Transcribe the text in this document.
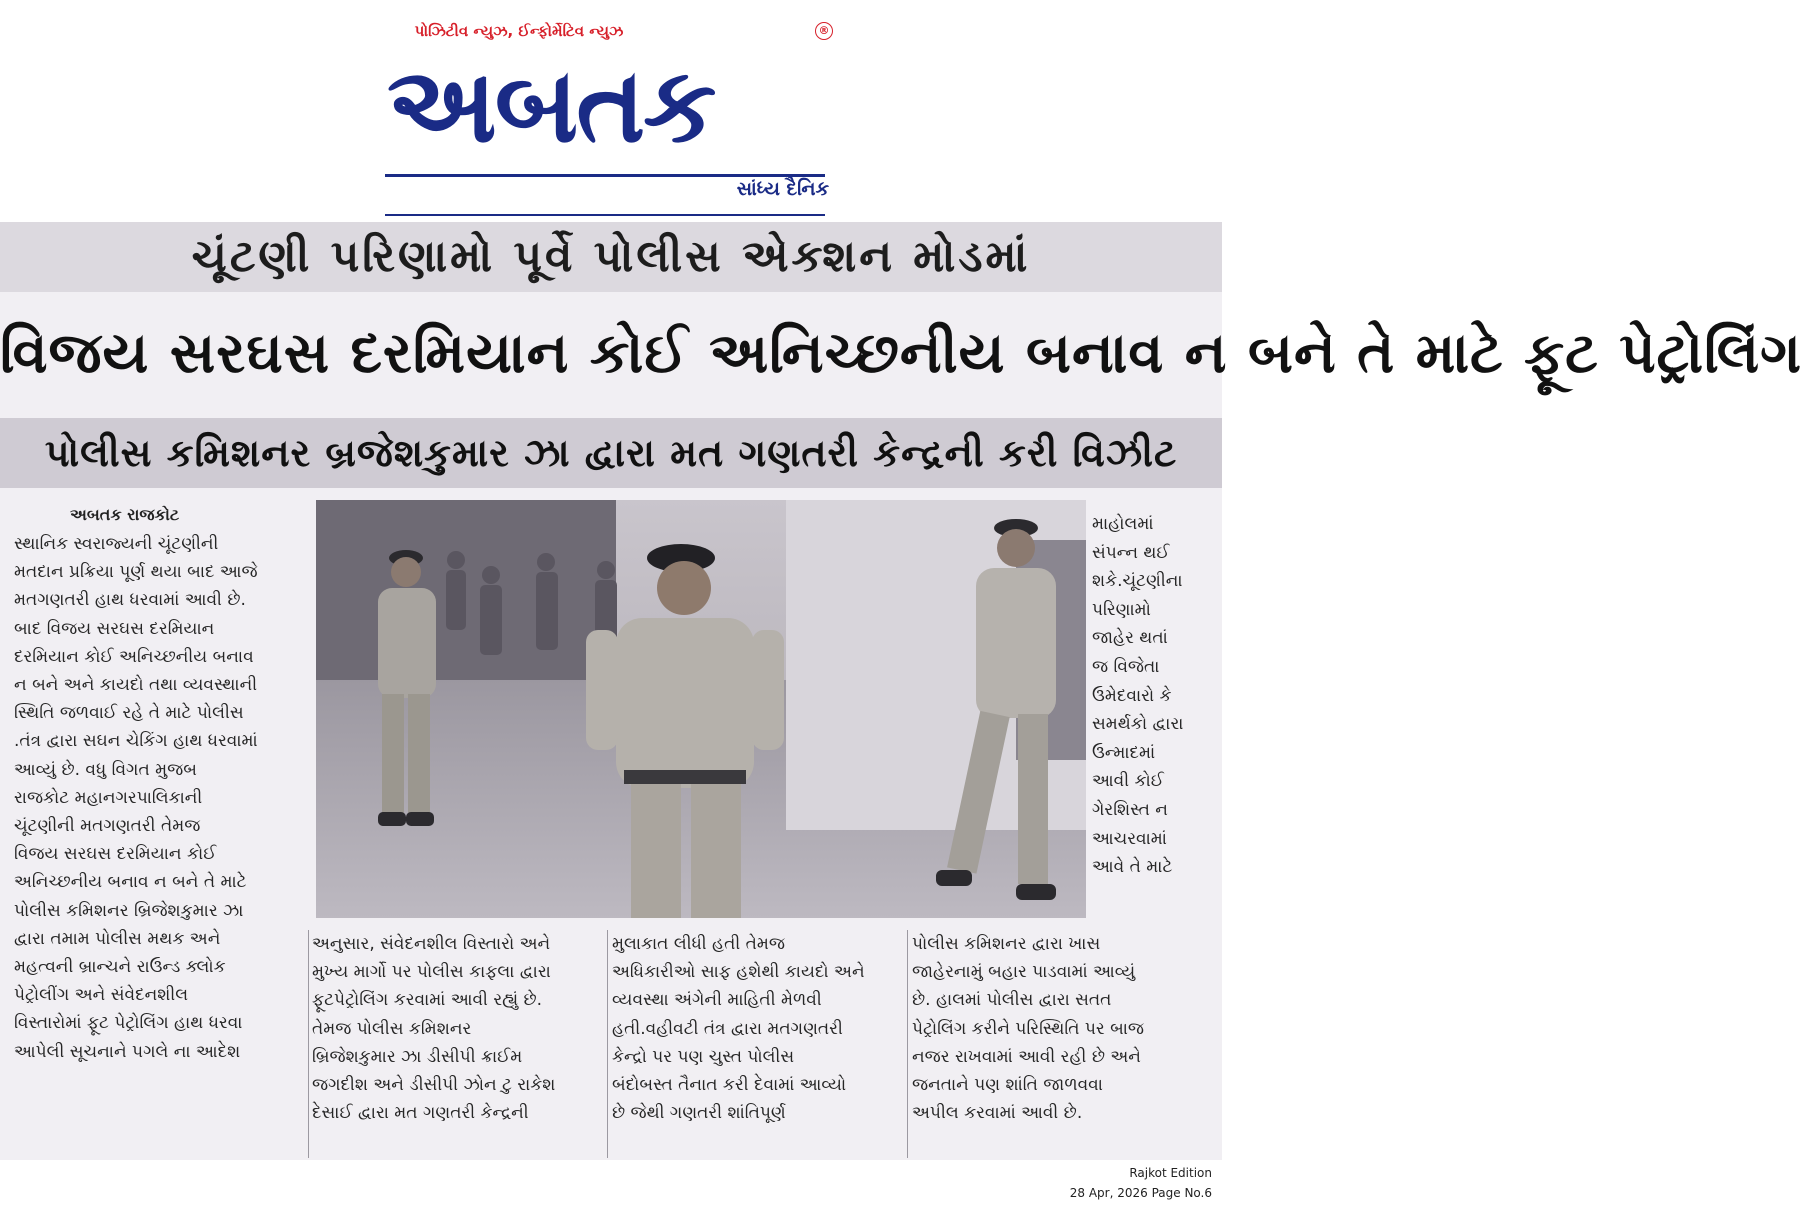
પોઝિટીવ ન્યુઝ, ઈન્ફોર્મેટિવ ન્યુઝ	®
અબતક
સાંધ્ય દૈનિક
ચૂંટણી પરિણામો પૂર્વે પોલીસ એક્શન મોડમાં
વિજય સરઘસ દરમિયાન કોઈ અનિચ્છનીય બનાવ ન બને તે માટે ફૂટ પેટ્રોલિંગ
પોલીસ કમિશનર બ્રજેશકુમાર ઝા દ્વારા મત ગણતરી કેન્દ્રની કરી વિઝીટ
અબતક રાજકોટ

સ્થાનિક સ્વરાજ્યની ચૂંટણીની

મતદાન પ્રક્રિયા પૂર્ણ થયા બાદ આજે

મતગણતરી હાથ ધરવામાં આવી છે.

બાદ વિજય સરઘસ દરમિયાન

દરમિયાન કોઈ અનિચ્છનીય બનાવ

ન બને અને કાયદો તથા વ્યવસ્થાની

સ્થિતિ જળવાઈ રહે તે માટે પોલીસ

.તંત્ર દ્વારા સઘન ચેકિંગ હાથ ધરવામાં

આવ્યું છે. વધુ વિગત મુજબ

રાજકોટ મહાનગરપાલિકાની

ચૂંટણીની મતગણતરી તેમજ

વિજય સરઘસ દરમિયાન કોઈ

અનિચ્છનીય બનાવ ન બને તે માટે

પોલીસ કમિશનર બ્રિજેશકુમાર ઝા

દ્વારા તમામ પોલીસ મથક અને

મહત્વની બ્રાન્ચને રાઉન્ડ ક્લોક

પેટ્રોલીંગ અને સંવેદનશીલ

વિસ્તારોમાં ફૂટ પેટ્રોલિંગ હાથ ધરવા

આપેલી સૂચનાને પગલે ના આદેશ

માહોલમાં

સંપન્ન થઈ

શકે.ચૂંટણીના

પરિણામો

જાહેર થતાં

જ વિજેતા

ઉમેદવારો કે

સમર્થકો દ્વારા

ઉન્માદમાં

આવી કોઈ

ગેરશિસ્ત ન

આચરવામાં

આવે તે માટે

અનુસાર, સંવેદનશીલ વિસ્તારો અને

મુખ્ય માર્ગો પર પોલીસ કાફલા દ્વારા

ફૂટપેટ્રોલિંગ કરવામાં આવી રહ્યું છે.

તેમજ પોલીસ કમિશનર

બ્રિજેશકુમાર ઝા ડીસીપી ક્રાઈમ

જગદીશ અને ડીસીપી ઝોન ટુ રાકેશ

દેસાઈ દ્વારા મત ગણતરી કેન્દ્રની

મુલાકાત લીધી હતી તેમજ

અધિકારીઓ સાફ હશેથી કાયદો અને

વ્યવસ્થા અંગેની માહિતી મેળવી

હતી.વહીવટી તંત્ર દ્વારા મતગણતરી

કેન્દ્રો પર પણ ચુસ્ત પોલીસ

બંદોબસ્ત તૈનાત કરી દેવામાં આવ્યો

છે જેથી ગણતરી શાંતિપૂર્ણ

પોલીસ કમિશનર દ્વારા ખાસ

જાહેરનામું બહાર પાડવામાં આવ્યું

છે. હાલમાં પોલીસ દ્વારા સતત

પેટ્રોલિંગ કરીને પરિસ્થિતિ પર બાજ

નજર રાખવામાં આવી રહી છે અને

જનતાને પણ શાંતિ જાળવવા

અપીલ કરવામાં આવી છે.

Rajkot Edition
28 Apr, 2026 Page No.6
